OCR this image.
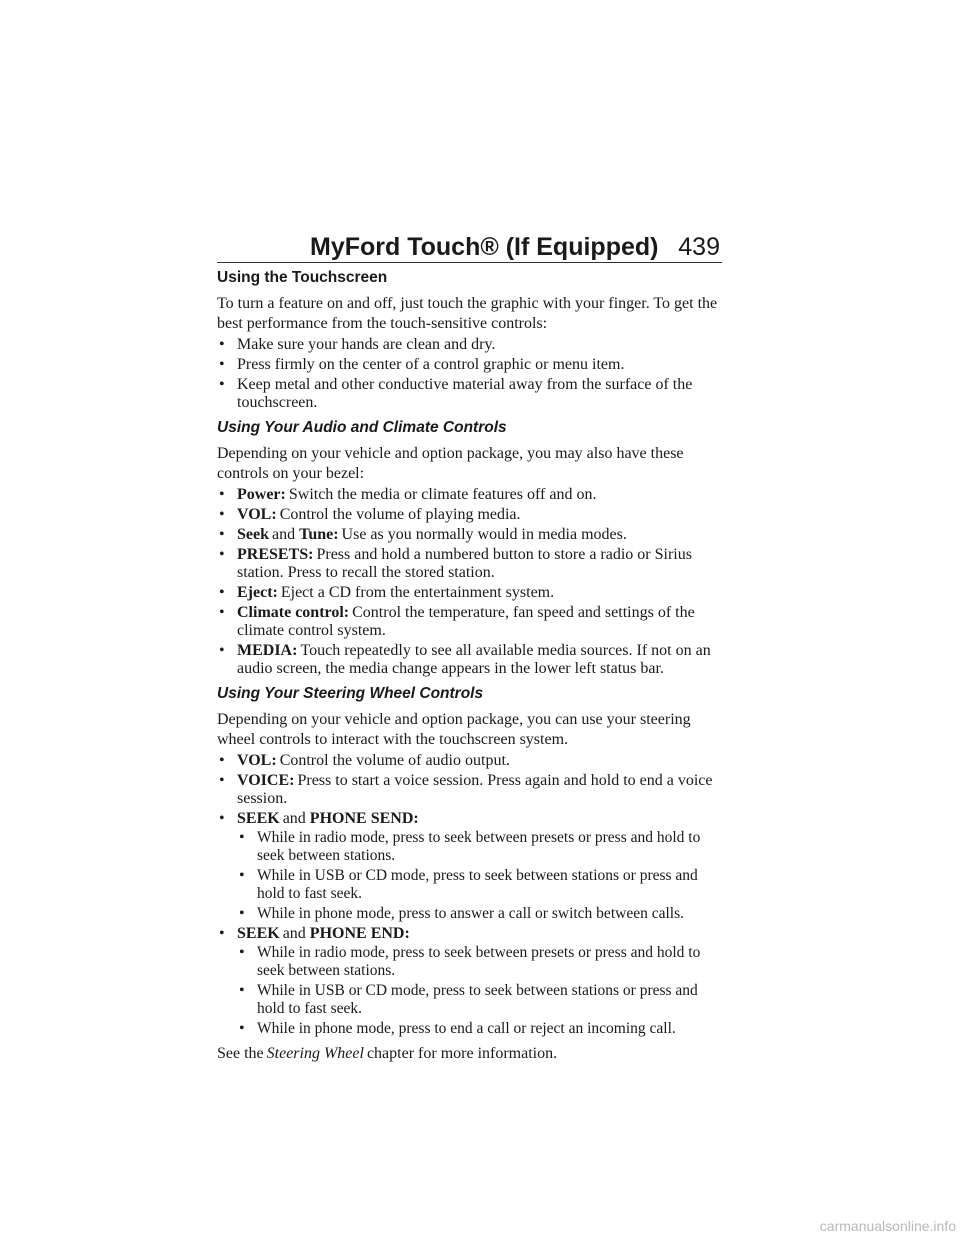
MyFord Touch® (If Equipped) 439
Using the Touchscreen

To turn a feature on and off, just touch the graphic with your finger. To get the best performance from the touch-sensitive controls:

• Make sure your hands are clean and dry.
• Press firmly on the center of a control graphic or menu item.
• Keep metal and other conductive material away from the surface of the touchscreen.
Using Your Audio and Climate Controls

Depending on your vehicle and option package, you may also have these controls on your bezel:

• Power: Switch the media or climate features off and on.
• VOL: Control the volume of playing media.
• Seek and Tune: Use as you normally would in media modes.
• PRESETS: Press and hold a numbered button to store a radio or Sirius station. Press to recall the stored station.
• Eject: Eject a CD from the entertainment system.
• Climate control: Control the temperature, fan speed and settings of the climate control system.
• MEDIA: Touch repeatedly to see all available media sources. If not on an audio screen, the media change appears in the lower left status bar.
Using Your Steering Wheel Controls

Depending on your vehicle and option package, you can use your steering wheel controls to interact with the touchscreen system.

• VOL: Control the volume of audio output.
• VOICE: Press to start a voice session. Press again and hold to end a voice session.
• SEEK and PHONE SEND:
• While in radio mode, press to seek between presets or press and hold to seek between stations.
• While in USB or CD mode, press to seek between stations or press and hold to fast seek.
• While in phone mode, press to answer a call or switch between calls.
• SEEK and PHONE END:
• While in radio mode, press to seek between presets or press and hold to seek between stations.
• While in USB or CD mode, press to seek between stations or press and hold to fast seek.
• While in phone mode, press to end a call or reject an incoming call.

See the Steering Wheel chapter for more information.

carmanualsonline.info
